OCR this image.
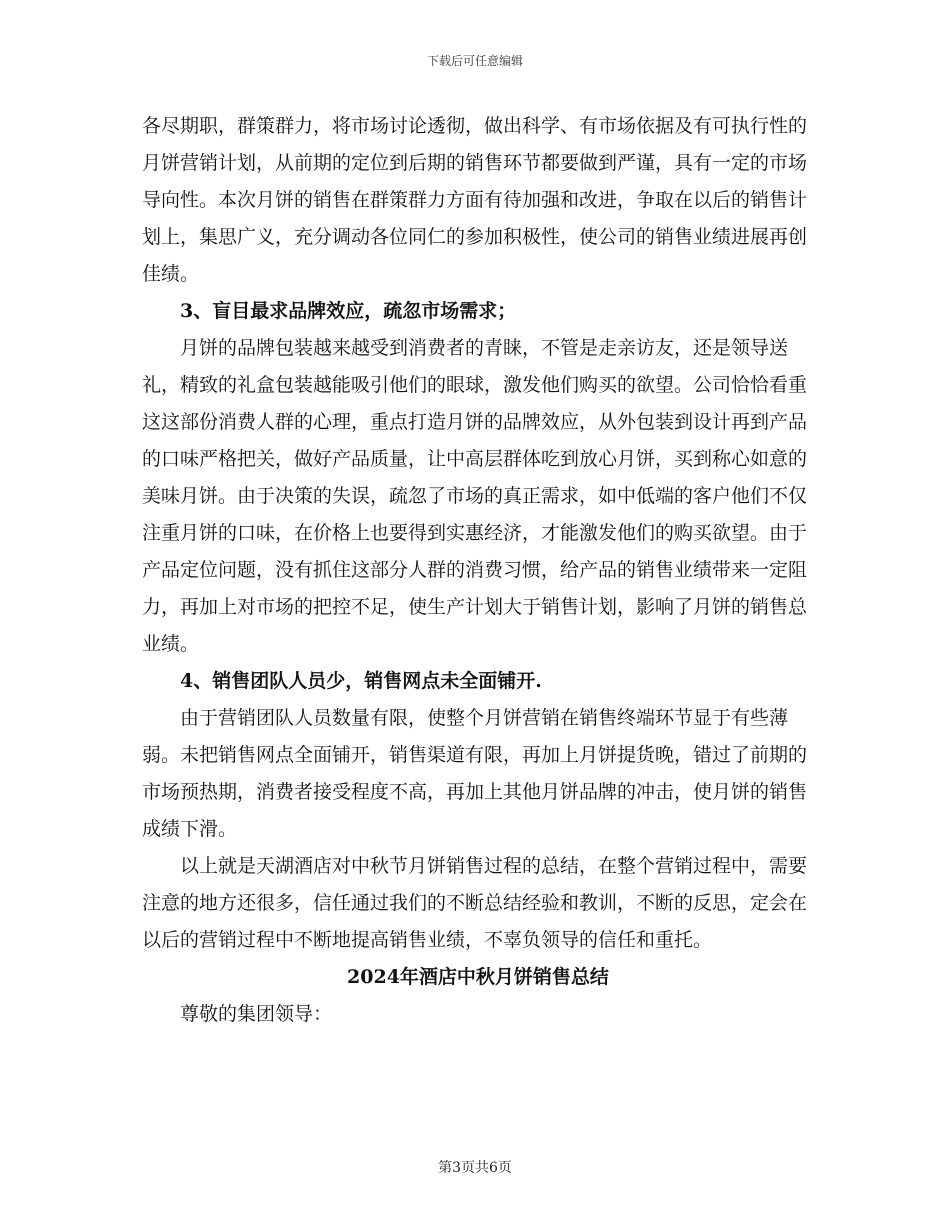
下载后可任意编辑

各尽期职，群策群力，将市场讨论透彻，做出科学、有市场依据及有可执行性的月饼营销计划，从前期的定位到后期的销售环节都要做到严谨，具有一定的市场导向性。本次月饼的销售在群策群力方面有待加强和改进，争取在以后的销售计划上，集思广义，充分调动各位同仁的参加积极性，使公司的销售业绩进展再创佳绩。

3、盲目最求品牌效应，疏忽市场需求；

月饼的品牌包装越来越受到消费者的青睐，不管是走亲访友，还是领导送礼，精致的礼盒包装越能吸引他们的眼球，激发他们购买的欲望。公司恰恰看重这这部份消费人群的心理，重点打造月饼的品牌效应，从外包装到设计再到产品的口味严格把关，做好产品质量，让中高层群体吃到放心月饼，买到称心如意的美味月饼。由于决策的失误，疏忽了市场的真正需求，如中低端的客户他们不仅注重月饼的口味，在价格上也要得到实惠经济，才能激发他们的购买欲望。由于产品定位问题，没有抓住这部分人群的消费习惯，给产品的销售业绩带来一定阻力，再加上对市场的把控不足，使生产计划大于销售计划，影响了月饼的销售总业绩。

4、销售团队人员少，销售网点未全面铺开.

由于营销团队人员数量有限，使整个月饼营销在销售终端环节显于有些薄弱。未把销售网点全面铺开，销售渠道有限，再加上月饼提货晚，错过了前期的市场预热期，消费者接受程度不高，再加上其他月饼品牌的冲击，使月饼的销售成绩下滑。

以上就是天湖酒店对中秋节月饼销售过程的总结，在整个营销过程中，需要注意的地方还很多，信任通过我们的不断总结经验和教训，不断的反思，定会在以后的营销过程中不断地提高销售业绩，不辜负领导的信任和重托。

2024年酒店中秋月饼销售总结

尊敬的集团领导：

第3页共6页
